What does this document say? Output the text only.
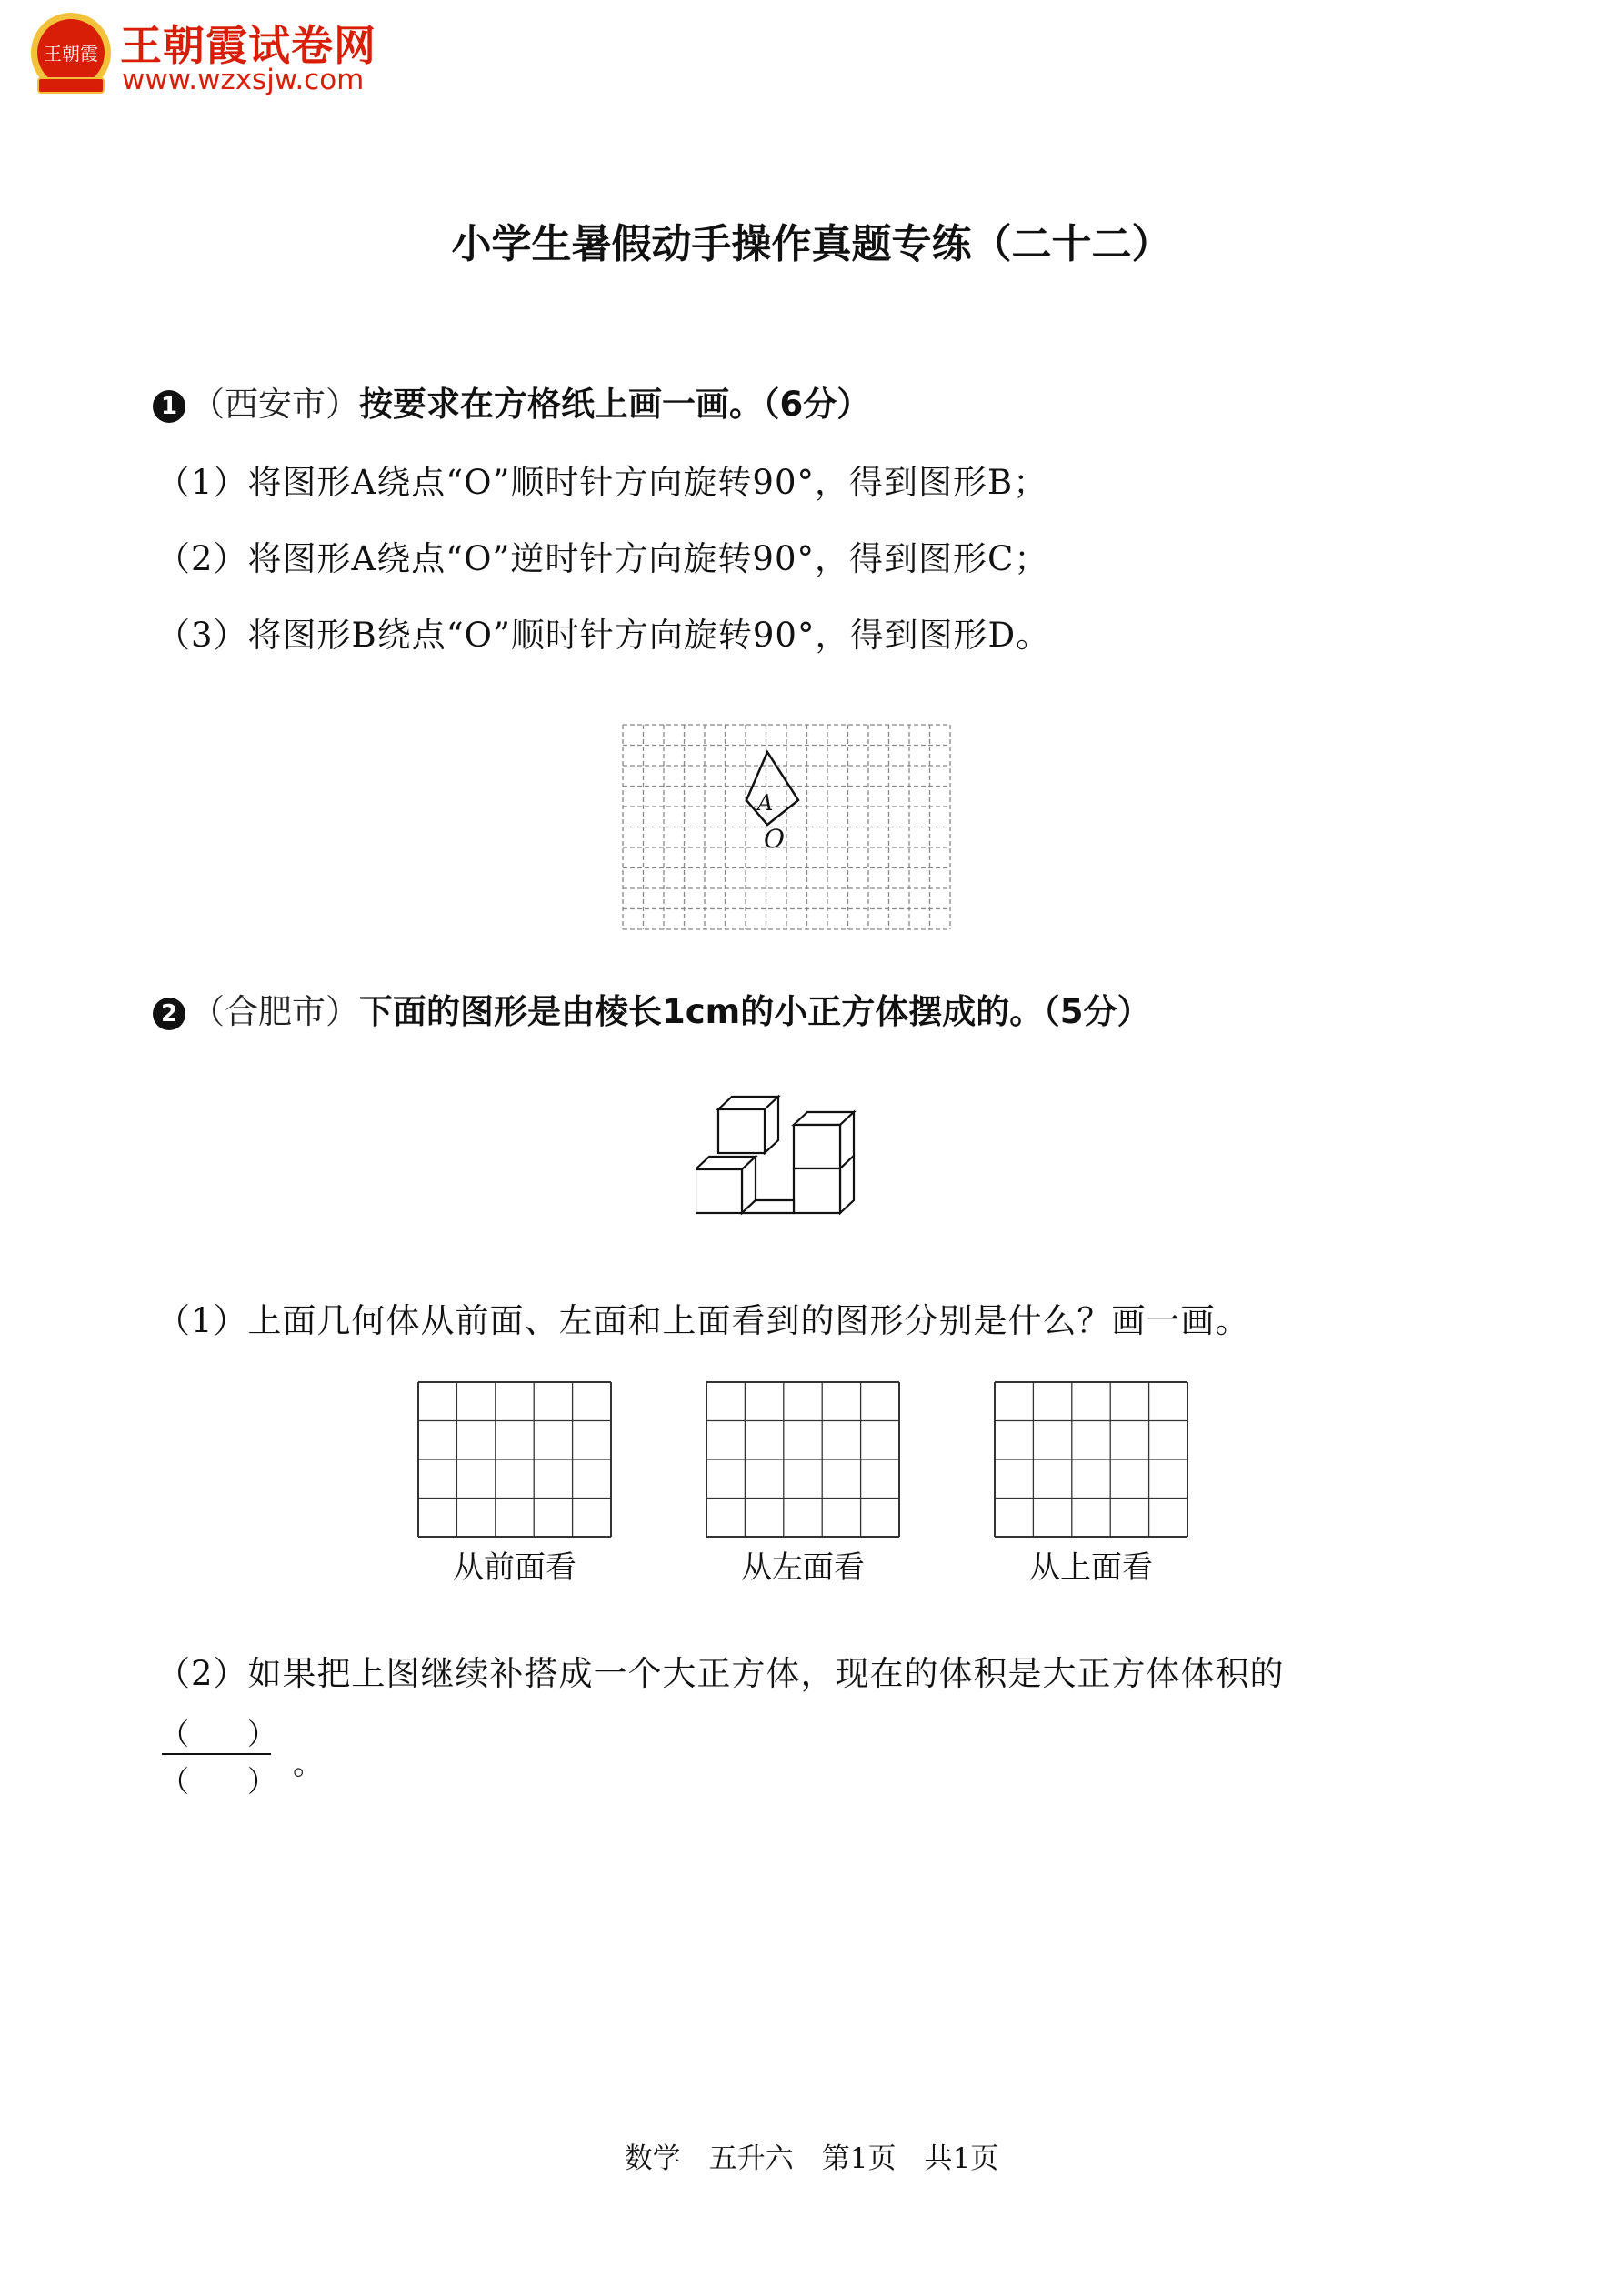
王朝霞 王朝霞试卷网
www.wzxsjw.com
小学生暑假动手操作真题专练（二十二）
1 （西安市）按要求在方格纸上画一画。（6分）
（1）将图形A绕点“O”顺时针方向旋转90°，得到图形B；
（2）将图形A绕点“O”逆时针方向旋转90°，得到图形C；
（3）将图形B绕点“O”顺时针方向旋转90°，得到图形D。
A
O
2 （合肥市）下面的图形是由棱长1cm的小正方体摆成的。（5分）
（1）上面几何体从前面、左面和上面看到的图形分别是什么？画一画。
从前面看	从左面看	从上面看
（2）如果把上图继续补搭成一个大正方体，现在的体积是大正方体体积的
（　　）
（　　） 。
数学　五升六　第1页　共1页
